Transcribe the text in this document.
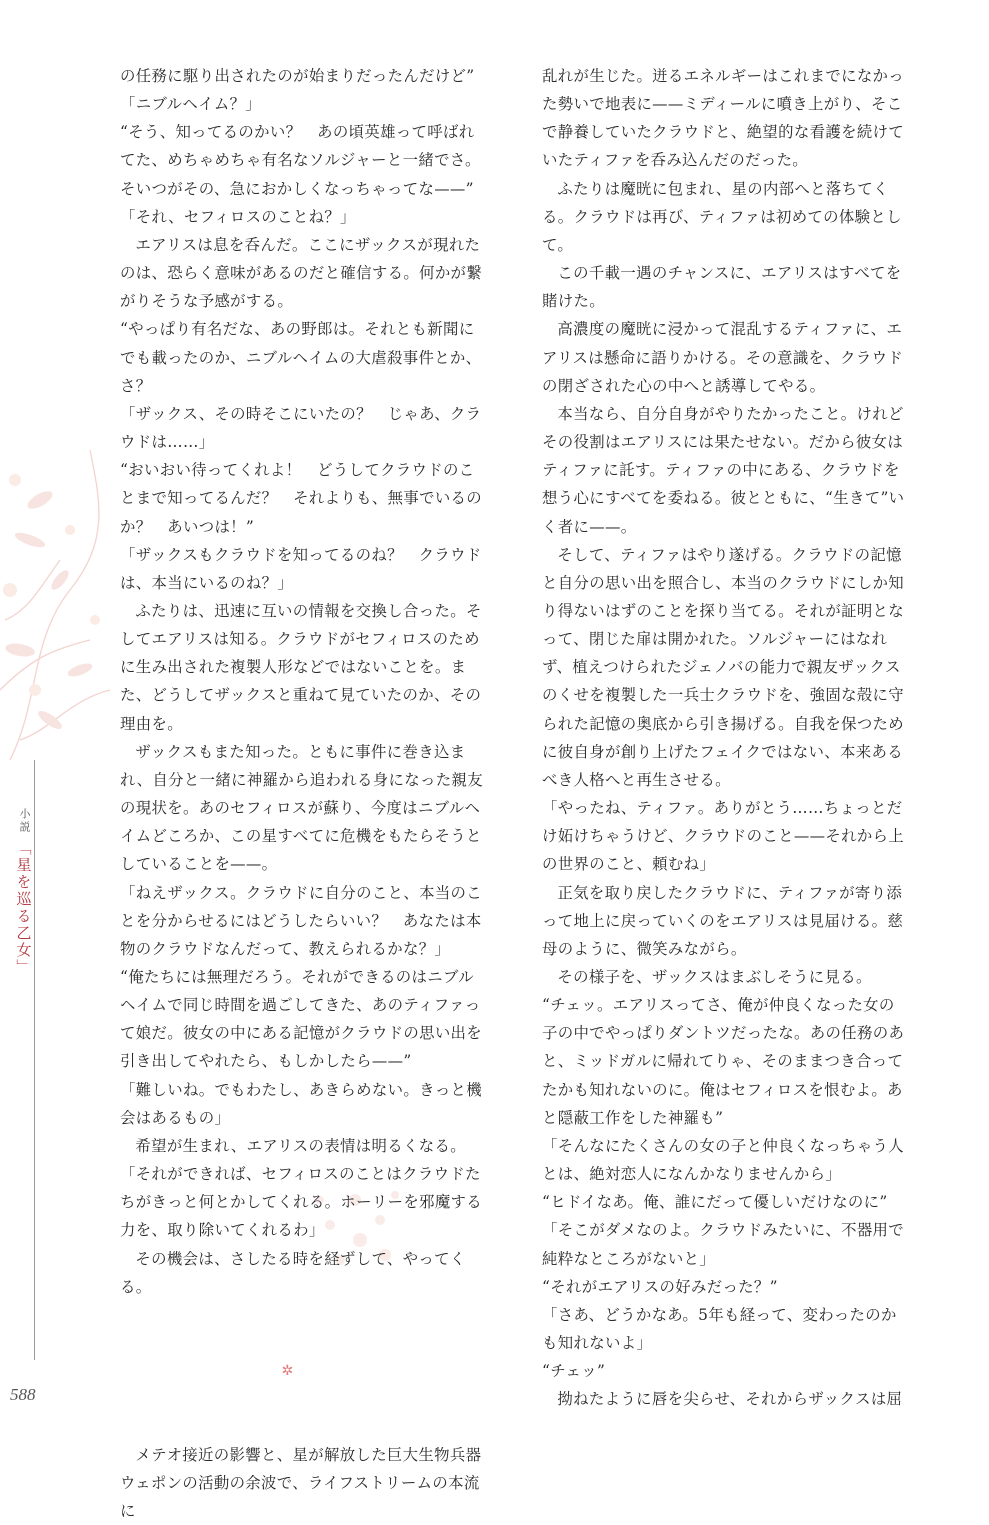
の任務に駆り出されたのが始まりだったんだけど”

「ニブルヘイム？」

“そう、知ってるのかい？　あの頃英雄って呼ばれてた、めちゃめちゃ有名なソルジャーと一緒でさ。そいつがその、急におかしくなっちゃってな——”

「それ、セフィロスのことね？」

エアリスは息を呑んだ。ここにザックスが現れたのは、恐らく意味があるのだと確信する。何かが繋がりそうな予感がする。

“やっぱり有名だな、あの野郎は。それとも新聞にでも載ったのか、ニブルヘイムの大虐殺事件とか、さ？

「ザックス、その時そこにいたの？　じゃあ、クラウドは……」

“おいおい待ってくれよ！　どうしてクラウドのことまで知ってるんだ？　それよりも、無事でいるのか？　あいつは！”

「ザックスもクラウドを知ってるのね？　クラウドは、本当にいるのね？」

ふたりは、迅速に互いの情報を交換し合った。そしてエアリスは知る。クラウドがセフィロスのために生み出された複製人形などではないことを。また、どうしてザックスと重ねて見ていたのか、その理由を。

ザックスもまた知った。ともに事件に巻き込まれ、自分と一緒に神羅から追われる身になった親友の現状を。あのセフィロスが蘇り、今度はニブルヘイムどころか、この星すべてに危機をもたらそうとしていることを——。

「ねえザックス。クラウドに自分のこと、本当のことを分からせるにはどうしたらいい？　あなたは本物のクラウドなんだって、教えられるかな？」

“俺たちには無理だろう。それができるのはニブルヘイムで同じ時間を過ごしてきた、あのティファって娘だ。彼女の中にある記憶がクラウドの思い出を引き出してやれたら、もしかしたら——”

「難しいね。でもわたし、あきらめない。きっと機会はあるもの」

希望が生まれ、エアリスの表情は明るくなる。「それができれば、セフィロスのことはクラウドたちがきっと何とかしてくれる。ホーリーを邪魔する力を、取り除いてくれるわ」

その機会は、さしたる時を経ずして、やってくる。

✲

メテオ接近の影響と、星が解放した巨大生物兵器ウェポンの活動の余波で、ライフストリームの本流に

乱れが生じた。迸るエネルギーはこれまでになかった勢いで地表に——ミディールに噴き上がり、そこで静養していたクラウドと、絶望的な看護を続けていたティファを呑み込んだのだった。

ふたりは魔晄に包まれ、星の内部へと落ちてくる。クラウドは再び、ティファは初めての体験として。

この千載一遇のチャンスに、エアリスはすべてを賭けた。

高濃度の魔晄に浸かって混乱するティファに、エアリスは懸命に語りかける。その意識を、クラウドの閉ざされた心の中へと誘導してやる。

本当なら、自分自身がやりたかったこと。けれどその役割はエアリスには果たせない。だから彼女はティファに託す。ティファの中にある、クラウドを想う心にすべてを委ねる。彼とともに、“生きて”いく者に——。

そして、ティファはやり遂げる。クラウドの記憶と自分の思い出を照合し、本当のクラウドにしか知り得ないはずのことを探り当てる。それが証明となって、閉じた扉は開かれた。ソルジャーにはなれず、植えつけられたジェノバの能力で親友ザックスのくせを複製した一兵士クラウドを、強固な殻に守られた記憶の奥底から引き揚げる。自我を保つために彼自身が創り上げたフェイクではない、本来あるべき人格へと再生させる。

「やったね、ティファ。ありがとう……ちょっとだけ妬けちゃうけど、クラウドのこと——それから上の世界のこと、頼むね」

正気を取り戻したクラウドに、ティファが寄り添って地上に戻っていくのをエアリスは見届ける。慈母のように、微笑みながら。

その様子を、ザックスはまぶしそうに見る。

“チェッ。エアリスってさ、俺が仲良くなった女の子の中でやっぱりダントツだったな。あの任務のあと、ミッドガルに帰れてりゃ、そのままつき合ってたかも知れないのに。俺はセフィロスを恨むよ。あと隠蔽工作をした神羅も”

「そんなにたくさんの女の子と仲良くなっちゃう人とは、絶対恋人になんかなりませんから」

“ヒドイなあ。俺、誰にだって優しいだけなのに”

「そこがダメなのよ。クラウドみたいに、不器用で純粋なところがないと」

“それがエアリスの好みだった？”

「さあ、どうかなあ。5年も経って、変わったのかも知れないよ」

“チェッ”

拗ねたように唇を尖らせ、それからザックスは屈

小説
「星を巡る乙女」
588
